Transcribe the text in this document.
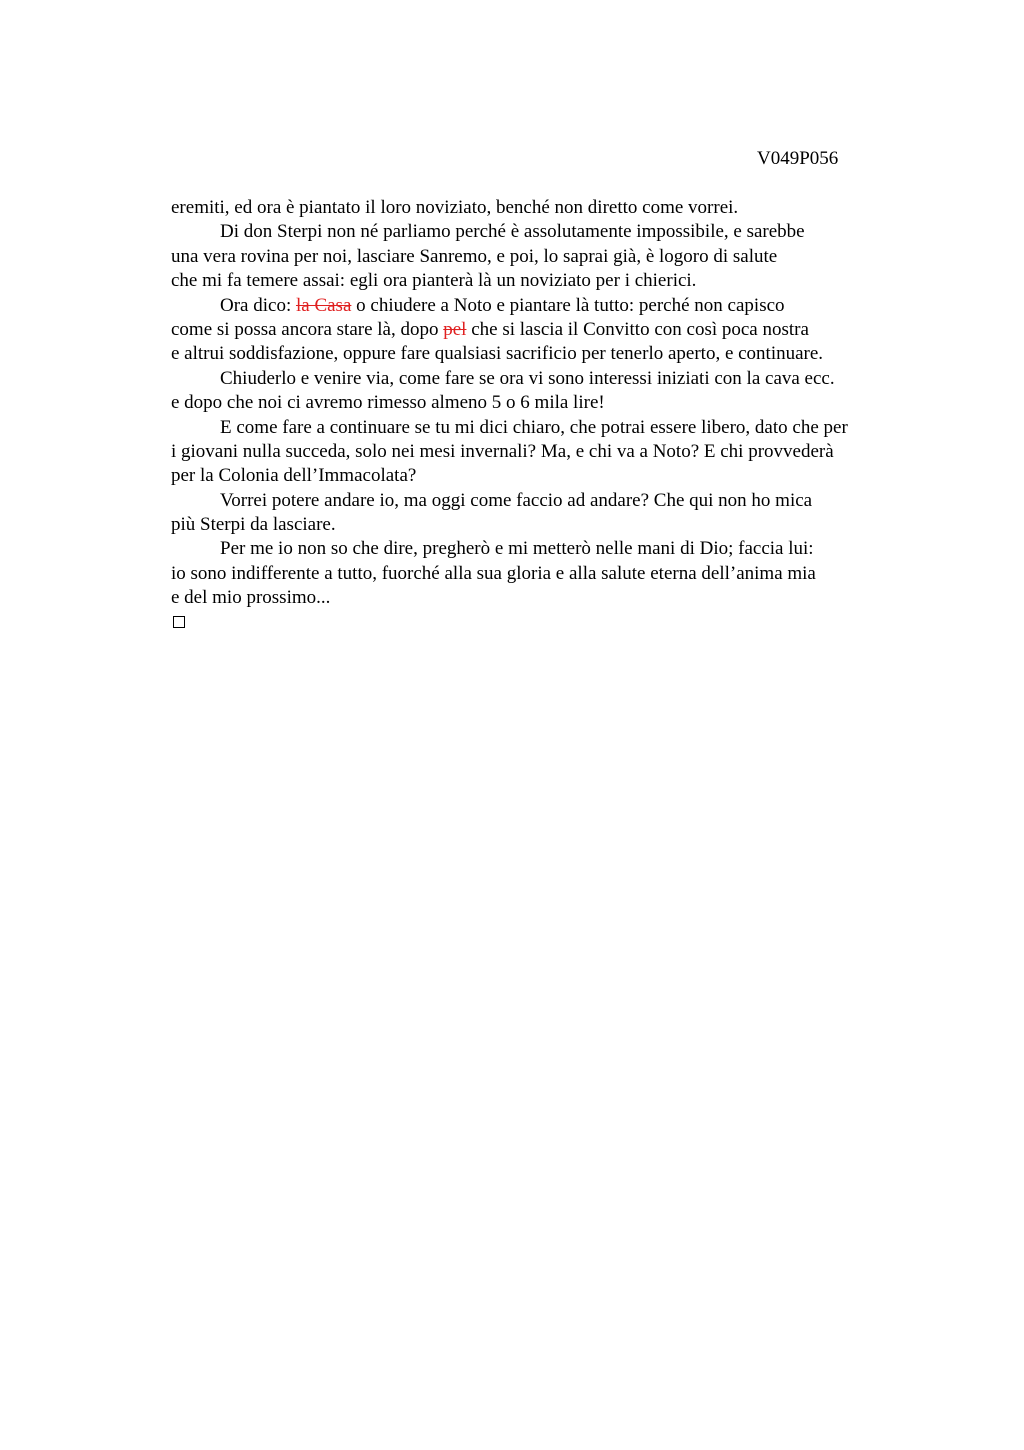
V049P056
eremiti, ed ora è piantato il loro noviziato, benché non diretto come vorrei.
Di don Sterpi non né parliamo perché è assolutamente impossibile, e sarebbe
una vera rovina per noi, lasciare Sanremo, e poi, lo saprai già, è logoro di salute
che mi fa temere assai: egli ora pianterà là un noviziato per i chierici.
Ora dico: la Casa o chiudere a Noto e piantare là tutto: perché non capisco
come si possa ancora stare là, dopo pel che si lascia il Convitto con così poca nostra
e altrui soddisfazione, oppure fare qualsiasi sacrificio per tenerlo aperto, e continuare.
Chiuderlo e venire via, come fare se ora vi sono interessi iniziati con la cava ecc.
e dopo che noi ci avremo rimesso almeno 5 o 6 mila lire!
E come fare a continuare se tu mi dici chiaro, che potrai essere libero, dato che per
i giovani nulla succeda, solo nei mesi invernali? Ma, e chi va a Noto? E chi provvederà
per la Colonia dell’Immacolata?
Vorrei potere andare io, ma oggi come faccio ad andare? Che qui non ho mica
più Sterpi da lasciare.
Per me io non so che dire, pregherò e mi metterò nelle mani di Dio; faccia lui:
io sono indifferente a tutto, fuorché alla sua gloria e alla salute eterna dell’anima mia
e del mio prossimo...
